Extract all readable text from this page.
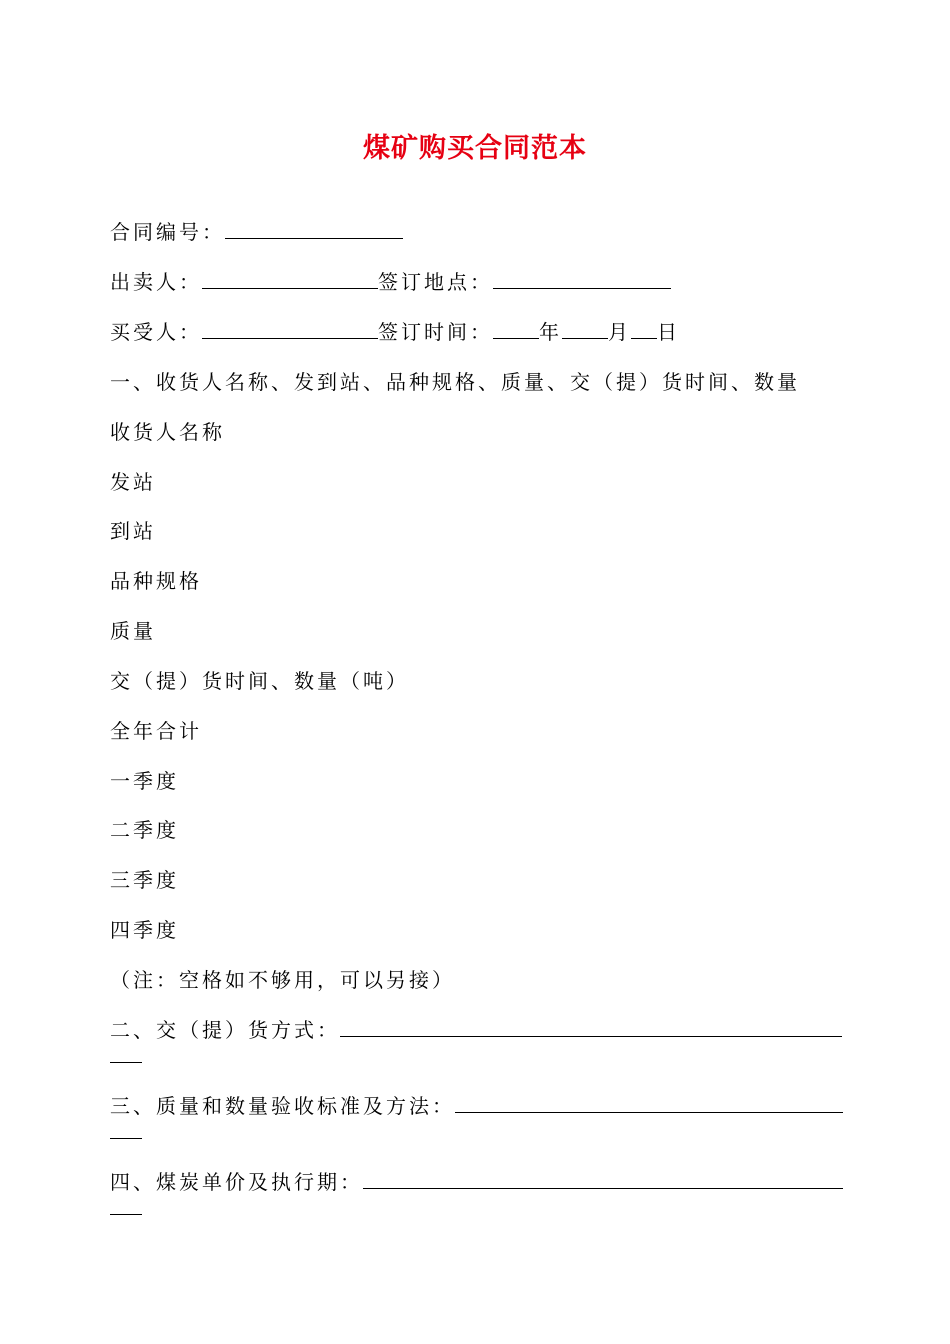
煤矿购买合同范本
合同编号：
出卖人：	签订地点：
买受人：	签订时间： 年 月 日
一、收货人名称、发到站、品种规格、质量、交（提）货时间、数量
收货人名称
发站
到站
品种规格
质量
交（提）货时间、数量（吨）
全年合计
一季度
二季度
三季度
四季度
（注：空格如不够用，可以另接）
二、交（提）货方式：
三、质量和数量验收标准及方法：
四、煤炭单价及执行期：
